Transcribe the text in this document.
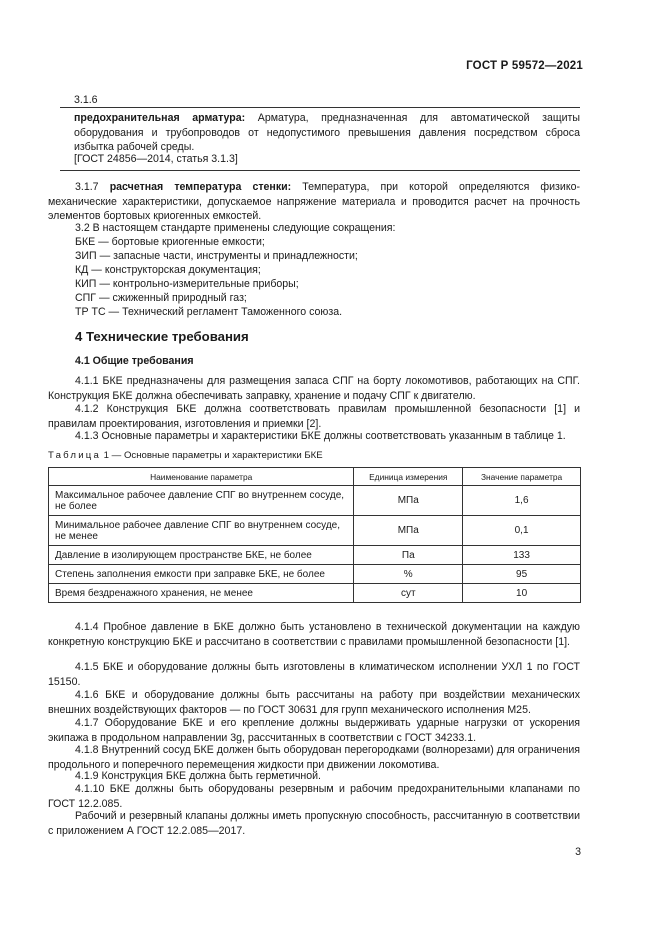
ГОСТ Р 59572—2021
3.1.6

предохранительная арматура: Арматура, предназначенная для автоматической защиты оборудования и трубопроводов от недопустимого превышения давления посредством сброса избытка рабочей среды.

[ГОСТ 24856—2014, статья 3.1.3]

3.1.7 расчетная температура стенки: Температура, при которой определяются физико-механические характеристики, допускаемое напряжение материала и проводится расчет на прочность элементов бортовых криогенных емкостей.

3.2 В настоящем стандарте применены следующие сокращения:

БКЕ — бортовые криогенные емкости;

ЗИП — запасные части, инструменты и принадлежности;

КД — конструкторская документация;

КИП — контрольно-измерительные приборы;

СПГ — сжиженный природный газ;

ТР ТС — Технический регламент Таможенного союза.

4 Технические требования
4.1 Общие требования

4.1.1 БКЕ предназначены для размещения запаса СПГ на борту локомотивов, работающих на СПГ. Конструкция БКЕ должна обеспечивать заправку, хранение и подачу СПГ к двигателю.

4.1.2 Конструкция БКЕ должна соответствовать правилам промышленной безопасности [1] и правилам проектирования, изготовления и приемки [2].

4.1.3 Основные параметры и характеристики БКЕ должны соответствовать указанным в таблице 1.

Таблица 1 — Основные параметры и характеристики БКЕ
Наименование параметра	Единица измерения	Значение параметра
Максимальное рабочее давление СПГ во внутреннем сосуде, не более	МПа	1,6
Минимальное рабочее давление СПГ во внутреннем сосуде, не менее	МПа	0,1
Давление в изолирующем пространстве БКЕ, не более	Па	133
Степень заполнения емкости при заправке БКЕ, не более	%	95
Время бездренажного хранения, не менее	сут	10

4.1.4 Пробное давление в БКЕ должно быть установлено в технической документации на каждую конкретную конструкцию БКЕ и рассчитано в соответствии с правилами промышленной безопасности [1].

4.1.5 БКЕ и оборудование должны быть изготовлены в климатическом исполнении УХЛ 1 по ГОСТ 15150.

4.1.6 БКЕ и оборудование должны быть рассчитаны на работу при воздействии механических внешних воздействующих факторов — по ГОСТ 30631 для групп механического исполнения М25.

4.1.7 Оборудование БКЕ и его крепление должны выдерживать ударные нагрузки от ускорения экипажа в продольном направлении 3g, рассчитанных в соответствии с ГОСТ 34233.1.

4.1.8 Внутренний сосуд БКЕ должен быть оборудован перегородками (волнорезами) для ограничения продольного и поперечного перемещения жидкости при движении локомотива.

4.1.9 Конструкция БКЕ должна быть герметичной.

4.1.10 БКЕ должны быть оборудованы резервным и рабочим предохранительными клапанами по ГОСТ 12.2.085.

Рабочий и резервный клапаны должны иметь пропускную способность, рассчитанную в соответствии с приложением А ГОСТ 12.2.085—2017.

3
